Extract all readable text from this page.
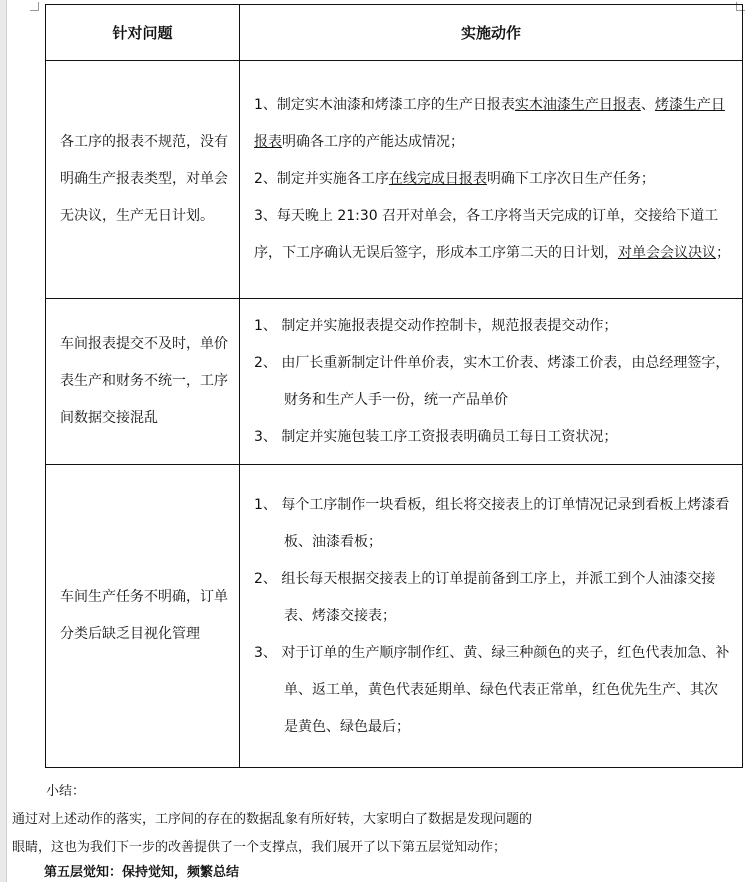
针对问题	实施动作
各工序的报表不规范，没有明确生产报表类型，对单会无决议，生产无日计划。	1、制定实木油漆和烤漆工序的生产日报表实木油漆生产日报表、烤漆生产日报表明确各工序的产能达成情况；
2、制定并实施各工序在线完成日报表明确下工序次日生产任务；
3、每天晚上 21:30 召开对单会，各工序将当天完成的订单，交接给下道工序，下工序确认无误后签字，形成本工序第二天的日计划，对单会会议决议；

车间报表提交不及时，单价表生产和财务不统一，工序间数据交接混乱	1、 制定并实施报表提交动作控制卡，规范报表提交动作；
2、 由厂长重新制定计件单价表，实木工价表、烤漆工价表，由总经理签字，财务和生产人手一份，统一产品单价
3、 制定并实施包装工序工资报表明确员工每日工资状况；

车间生产任务不明确，订单分类后缺乏目视化管理	1、 每个工序制作一块看板，组长将交接表上的订单情况记录到看板上烤漆看板、油漆看板；
2、 组长每天根据交接表上的订单提前备到工序上，并派工到个人油漆交接表、烤漆交接表；
3、 对于订单的生产顺序制作红、黄、绿三种颜色的夹子，红色代表加急、补单、返工单，黄色代表延期单、绿色代表正常单，红色优先生产、其次是黄色、绿色最后；
小结：
通过对上述动作的落实，工序间的存在的数据乱象有所好转，大家明白了数据是发现问题的
眼睛，这也为我们下一步的改善提供了一个支撑点，我们展开了以下第五层觉知动作；
第五层觉知：保持觉知，频繁总结
